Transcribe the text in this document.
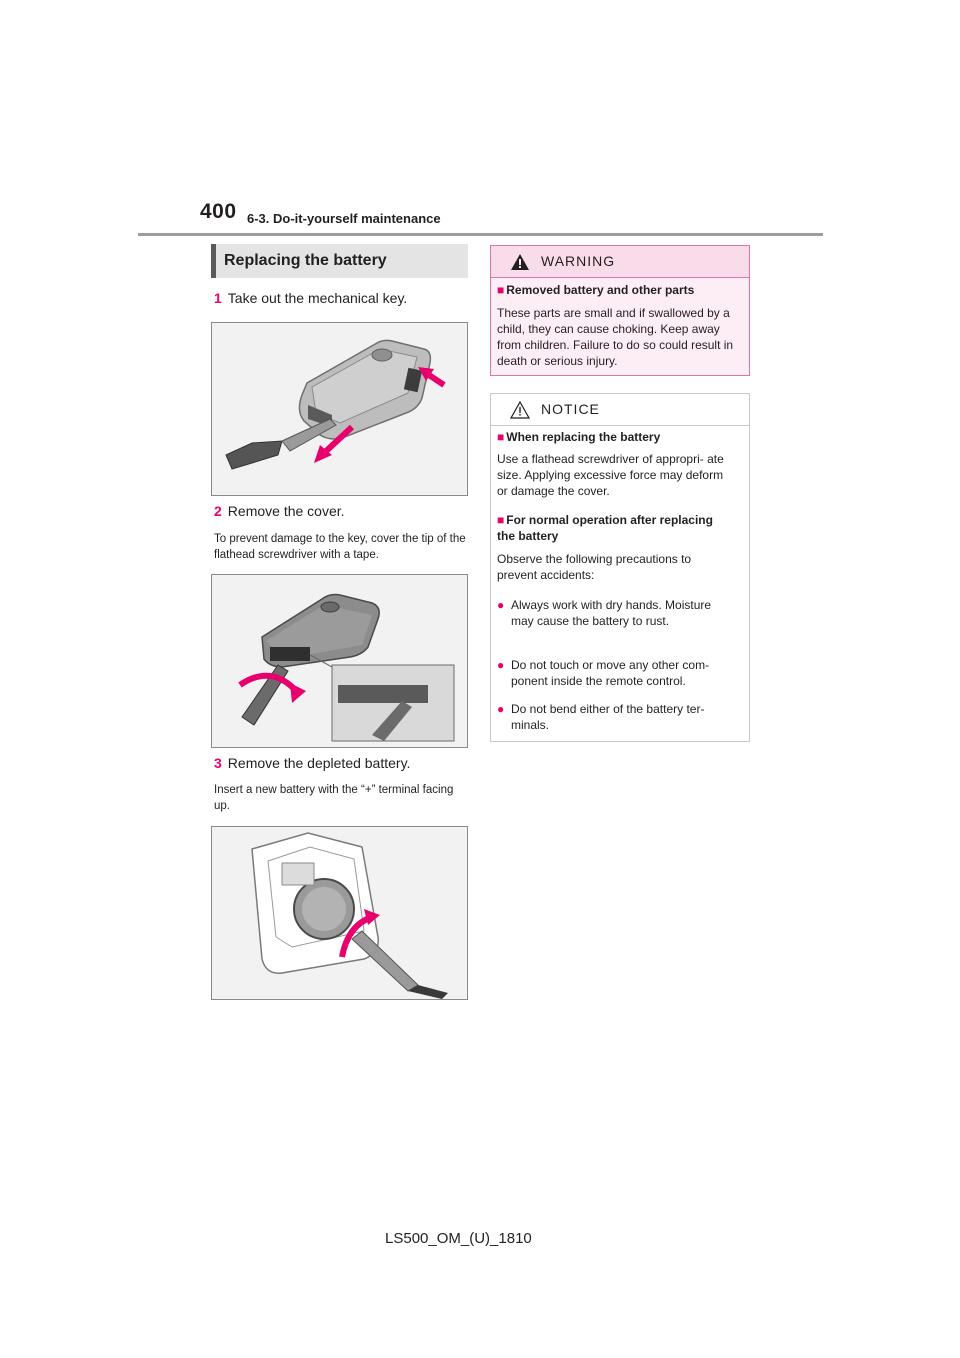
400 6-3. Do-it-yourself maintenance
Replacing the battery
1 Take out the mechanical key.
2 Remove the cover.
To prevent damage to the key, cover the tip of the flathead screwdriver with a tape.
3 Remove the depleted battery.
Insert a new battery with the “+” terminal facing up.
WARNING
■ Removed battery and other parts
These parts are small and if swallowed by a child, they can cause choking. Keep away from children. Failure to do so could result in death or serious injury.
NOTICE
■ When replacing the battery
Use a flathead screwdriver of appropri- ate size. Applying excessive force may deform or damage the cover.
■ For normal operation after replacing the battery
Observe the following precautions to prevent accidents:
● Always work with dry hands. Moisture may cause the battery to rust.
● Do not touch or move any other com- ponent inside the remote control.
● Do not bend either of the battery ter- minals.
LS500_OM_(U)_1810
